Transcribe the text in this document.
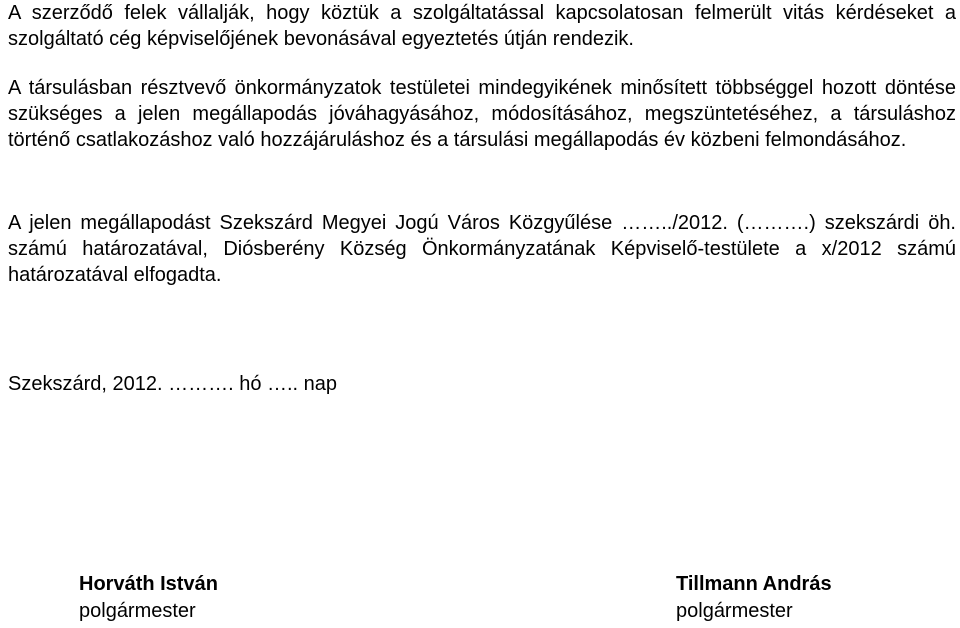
A szerződő felek vállalják, hogy köztük a szolgáltatással kapcsolatosan felmerült vitás kérdéseket a szolgáltató cég képviselőjének bevonásával egyeztetés útján rendezik.

A társulásban résztvevő önkormányzatok testületei mindegyikének minősített többséggel hozott döntése szükséges a jelen megállapodás jóváhagyásához, módosításához, megszüntetéséhez, a társuláshoz történő csatlakozáshoz való hozzájáruláshoz és a társulási megállapodás év közbeni felmondásához.

A jelen megállapodást Szekszárd Megyei Jogú Város Közgyűlése ……../2012. (……….) szekszárdi öh. számú határozatával, Diósberény Község Önkormányzatának Képviselő-testülete a x/2012 számú határozatával elfogadta.

Szekszárd, 2012. ………. hó ….. nap

Horváth István
polgármester
Tillmann András
polgármester
